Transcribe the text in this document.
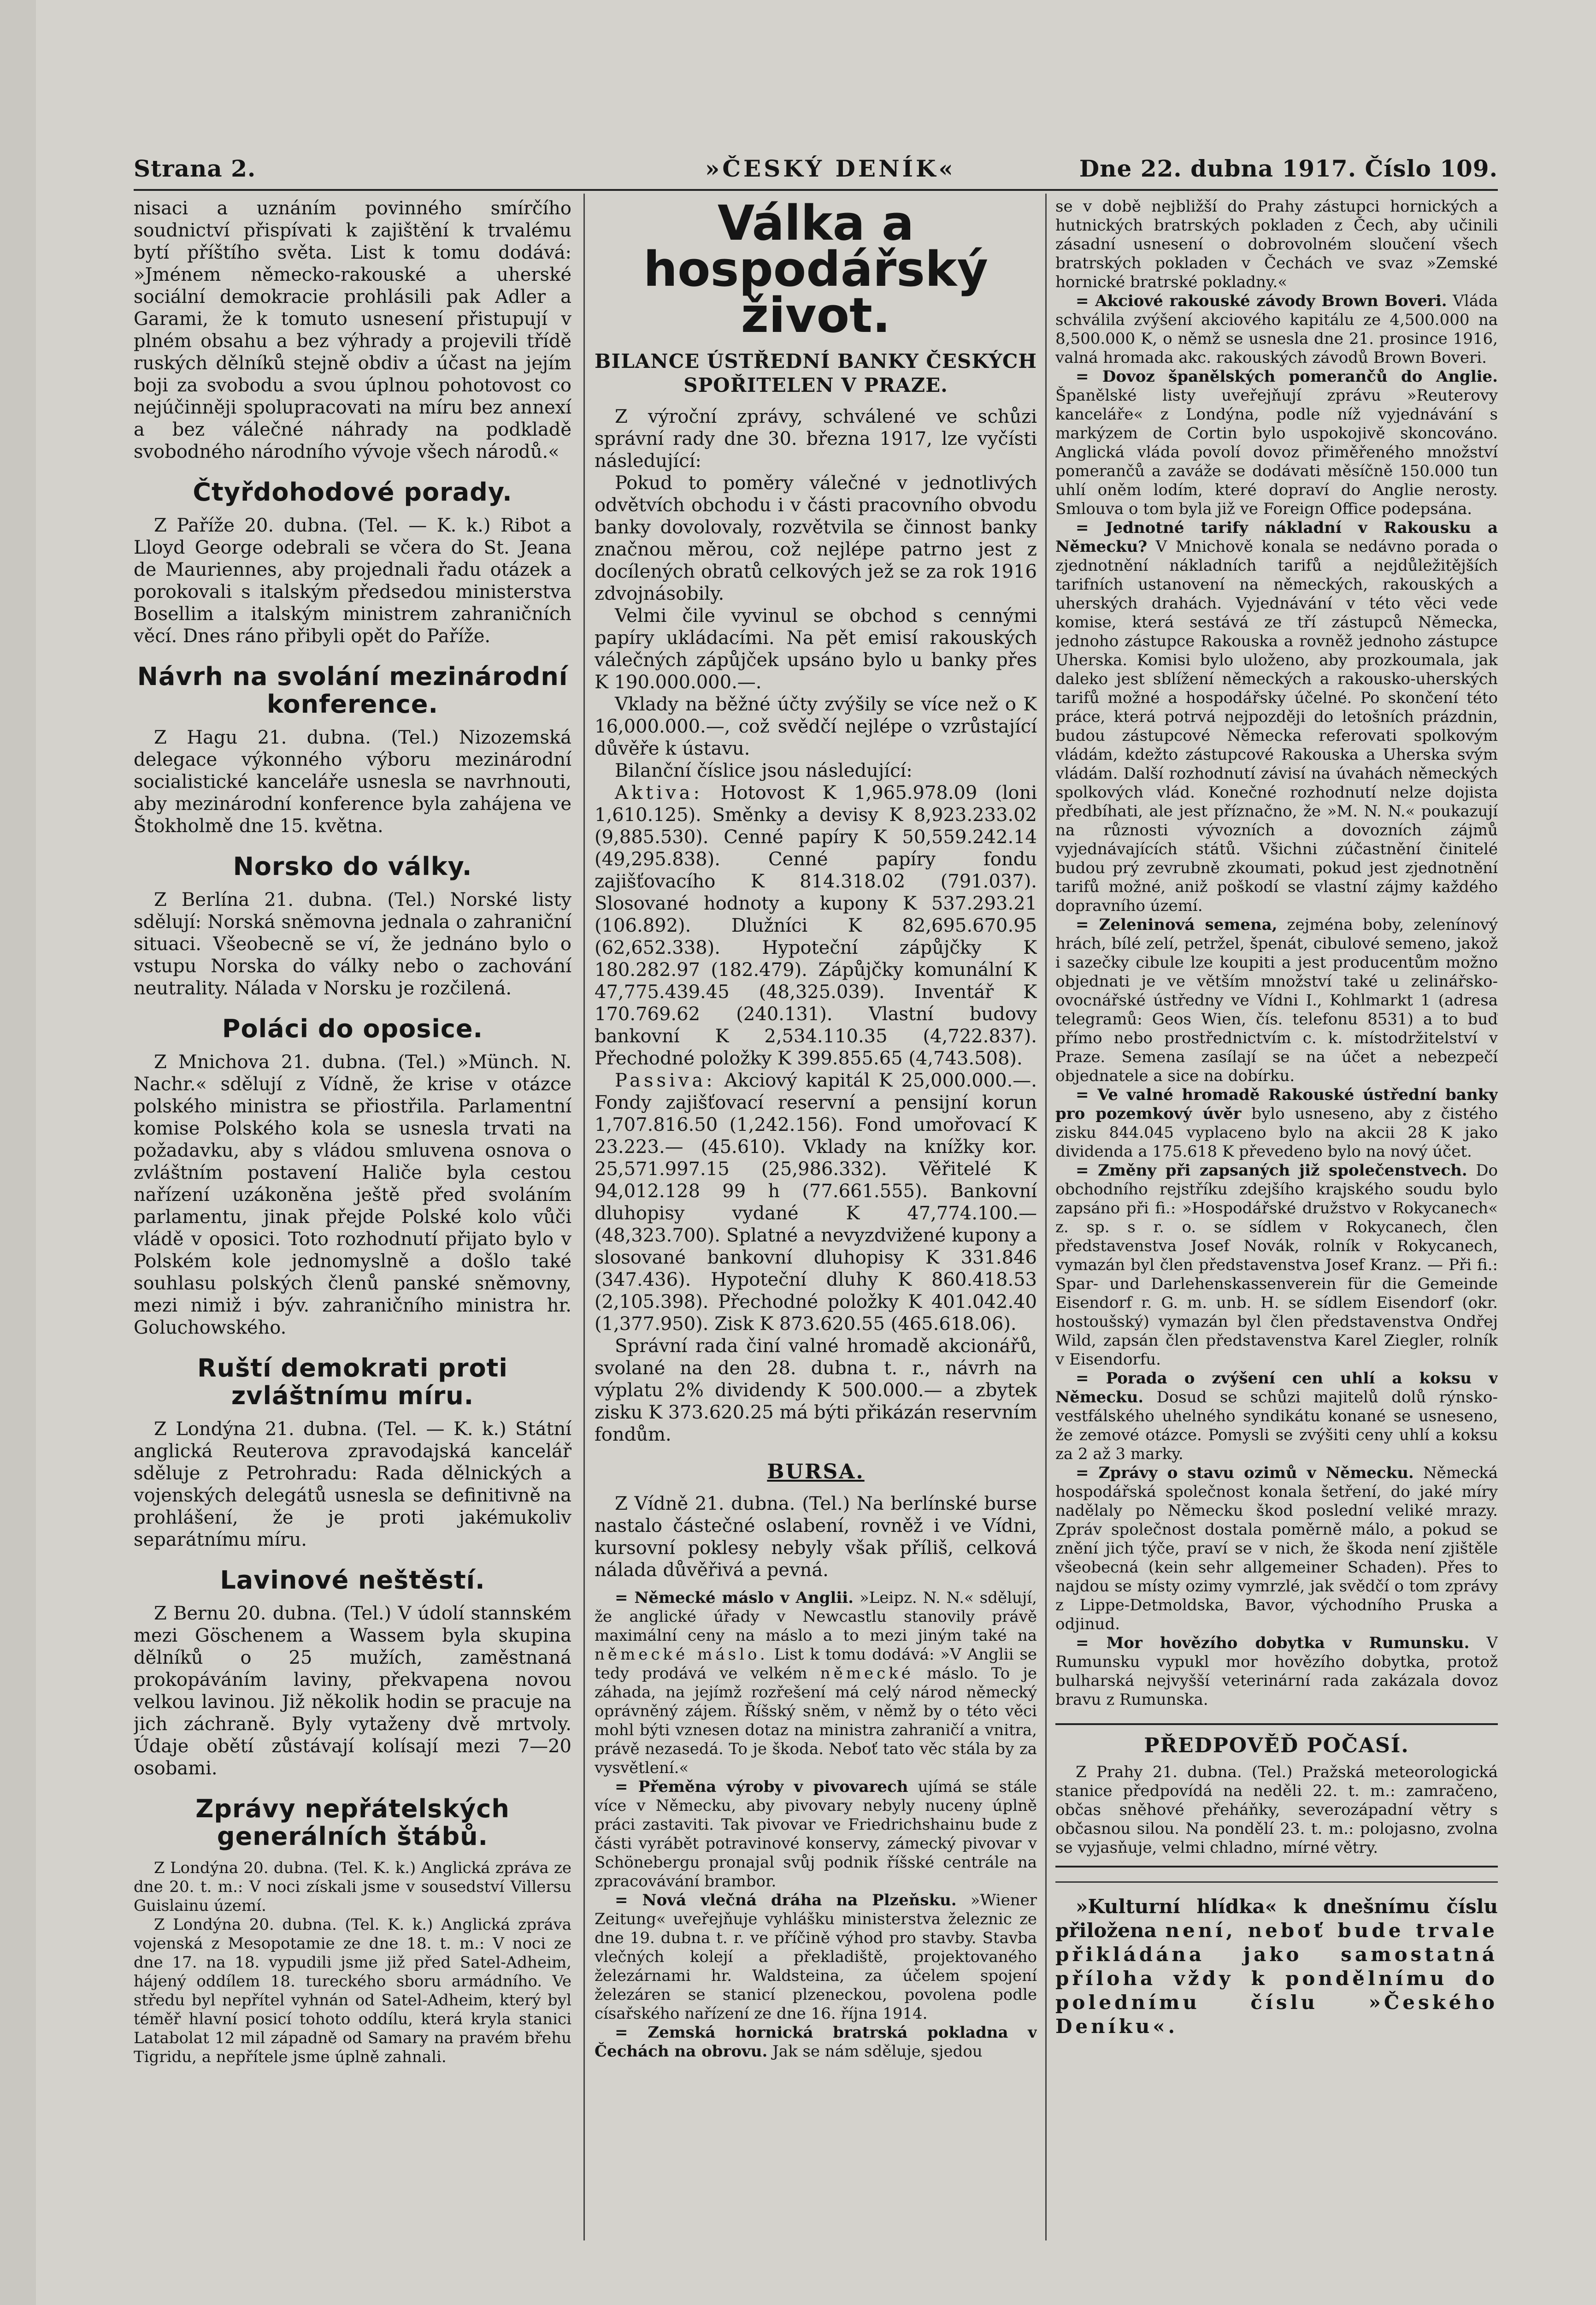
Strana 2.	»ČESKÝ DENÍK«	Dne 22. dubna 1917. Číslo 109.

nisaci a uznáním povinného smírčího soudnictví přispívati k zajištění k trvalému bytí příštího světa. List k tomu dodává: »Jménem německo-rakouské a uherské sociální demokracie prohlásili pak Adler a Garami, že k tomuto usnesení přistupují v plném obsahu a bez výhrady a projevili třídě ruských dělníků stejně obdiv a účast na jejím boji za svobodu a svou úplnou pohotovost co nejúčinněji spolupracovati na míru bez annexí a bez válečné náhrady na podkladě svobodného národního vývoje všech národů.«

Čtyřdohodové porady.

Z Paříže 20. dubna. (Tel. — K. k.) Ribot a Lloyd George odebrali se včera do St. Jeana de Mauriennes, aby projednali řadu otázek a porokovali s italským předsedou ministerstva Bosellim a italským ministrem zahraničních věcí. Dnes ráno přibyli opět do Paříže.

Návrh na svolání mezinárodní konference.

Z Hagu 21. dubna. (Tel.) Nizozemská delegace výkonného výboru mezinárodní socialistické kanceláře usnesla se navrhnouti, aby mezinárodní konference byla zahájena ve Štokholmě dne 15. května.

Norsko do války.

Z Berlína 21. dubna. (Tel.) Norské listy sdělují: Norská sněmovna jednala o zahraniční situaci. Všeobecně se ví, že jednáno bylo o vstupu Norska do války nebo o zachování neutrality. Nálada v Norsku je rozčilená.

Poláci do oposice.

Z Mnichova 21. dubna. (Tel.) »Münch. N. Nachr.« sdělují z Vídně, že krise v otázce polského ministra se přiostřila. Parlamentní komise Polského kola se usnesla trvati na požadavku, aby s vládou smluvena osnova o zvláštním postavení Haliče byla cestou nařízení uzákoněna ještě před svoláním parlamentu, jinak přejde Polské kolo vůči vládě v oposici. Toto rozhodnutí přijato bylo v Polském kole jednomyslně a došlo také souhlasu polských členů panské sněmovny, mezi nimiž i býv. zahraničního ministra hr. Goluchowského.

Ruští demokrati proti zvláštnímu míru.

Z Londýna 21. dubna. (Tel. — K. k.) Státní anglická Reuterova zpravodajská kancelář sděluje z Petrohradu: Rada dělnických a vojenských delegátů usnesla se definitivně na prohlášení, že je proti jakémukoliv separátnímu míru.

Lavinové neštěstí.

Z Bernu 20. dubna. (Tel.) V údolí stannském mezi Göschenem a Wassem byla skupina dělníků o 25 mužích, zaměstnaná prokopáváním laviny, překvapena novou velkou lavinou. Již několik hodin se pracuje na jich záchraně. Byly vytaženy dvě mrtvoly. Údaje obětí zůstávají kolísají mezi 7—20 osobami.

Zprávy nepřátelských generálních štábů.

Z Londýna 20. dubna. (Tel. K. k.) Anglická zpráva ze dne 20. t. m.: V noci získali jsme v sousedství Villersu Guislainu území.

Z Londýna 20. dubna. (Tel. K. k.) Anglická zpráva vojenská z Mesopotamie ze dne 18. t. m.: V noci ze dne 17. na 18. vypudili jsme již před Satel-Adheim, hájený oddílem 18. tureckého sboru armádního. Ve středu byl nepřítel vyhnán od Satel-Adheim, který byl téměř hlavní posicí tohoto oddílu, která kryla stanici Latabolat 12 mil západně od Samary na pravém břehu Tigridu, a nepřítele jsme úplně zahnali.

Válka a hospodářský život.
BILANCE ÚSTŘEDNÍ BANKY ČESKÝCH SPOŘITELEN V PRAZE.

Z výroční zprávy, schválené ve schůzi správní rady dne 30. března 1917, lze vyčísti následující:

Pokud to poměry válečné v jednotlivých odvětvích obchodu i v části pracovního obvodu banky dovolovaly, rozvětvila se činnost banky značnou měrou, což nejlépe patrno jest z docílených obratů celkových jež se za rok 1916 zdvojnásobily.

Velmi čile vyvinul se obchod s cennými papíry ukládacími. Na pět emisí rakouských válečných zápůjček upsáno bylo u banky přes K 190.000.000.—.

Vklady na běžné účty zvýšily se více než o K 16,000.000.—, což svědčí nejlépe o vzrůstající důvěře k ústavu.

Bilanční číslice jsou následující:

Aktiva: Hotovost K 1,965.978.09 (loni 1,610.125). Směnky a devisy K 8,923.233.02 (9,885.530). Cenné papíry K 50,559.242.14 (49,295.838). Cenné papíry fondu zajišťovacího K 814.318.02 (791.037). Slosované hodnoty a kupony K 537.293.21 (106.892). Dlužníci K 82,695.670.95 (62,652.338). Hypoteční zápůjčky K 180.282.97 (182.479). Zápůjčky komunální K 47,775.439.45 (48,325.039). Inventář K 170.769.62 (240.131). Vlastní budovy bankovní K 2,534.110.35 (4,722.837). Přechodné položky K 399.855.65 (4,743.508).

Passiva: Akciový kapitál K 25,000.000.—. Fondy zajišťovací reservní a pensijní korun 1,707.816.50 (1,242.156). Fond umořovací K 23.223.— (45.610). Vklady na knížky kor. 25,571.997.15 (25,986.332). Věřitelé K 94,012.128 99 h (77.661.555). Bankovní dluhopisy vydané K 47,774.100.— (48,323.700). Splatné a nevyzdvižené kupony a slosované bankovní dluhopisy K 331.846 (347.436). Hypoteční dluhy K 860.418.53 (2,105.398). Přechodné položky K 401.042.40 (1,377.950). Zisk K 873.620.55 (465.618.06).

Správní rada činí valné hromadě akcionářů, svolané na den 28. dubna t. r., návrh na výplatu 2% dividendy K 500.000.— a zbytek zisku K 373.620.25 má býti přikázán reservním fondům.

BURSA.

Z Vídně 21. dubna. (Tel.) Na berlínské burse nastalo částečné oslabení, rovněž i ve Vídni, kursovní poklesy nebyly však příliš, celková nálada důvěřivá a pevná.

= Německé máslo v Anglii. »Leipz. N. N.« sdělují, že anglické úřady v Newcastlu stanovily právě maximální ceny na máslo a to mezi jiným také na německé máslo. List k tomu dodává: »V Anglii se tedy prodává ve velkém německé máslo. To je záhada, na jejímž rozřešení má celý národ německý oprávněný zájem. Říšský sněm, v němž by o této věci mohl býti vznesen dotaz na ministra zahraničí a vnitra, právě nezasedá. To je škoda. Neboť tato věc stála by za vysvětlení.«

= Přeměna výroby v pivovarech ujímá se stále více v Německu, aby pivovary nebyly nuceny úplně práci zastaviti. Tak pivovar ve Friedrichshainu bude z části vyrábět potravinové konservy, zámecký pivovar v Schönebergu pronajal svůj podnik říšské centrále na zpracovávání brambor.

= Nová vlečná dráha na Plzeňsku. »Wiener Zeitung« uveřejňuje vyhlášku ministerstva železnic ze dne 19. dubna t. r. ve příčině výhod pro stavby. Stavba vlečných kolejí a překladiště, projektovaného železárnami hr. Waldsteina, za účelem spojení železáren se stanicí plzeneckou, povolena podle císařského nařízení ze dne 16. října 1914.

= Zemská hornická bratrská pokladna v Čechách na obrovu. Jak se nám sděluje, sjedou

se v době nejbližší do Prahy zástupci hornických a hutnických bratrských pokladen z Čech, aby učinili zásadní usnesení o dobrovolném sloučení všech bratrských pokladen v Čechách ve svaz »Zemské hornické bratrské pokladny.«

= Akciové rakouské závody Brown Boveri. Vláda schválila zvýšení akciového kapitálu ze 4,500.000 na 8,500.000 K, o němž se usnesla dne 21. prosince 1916, valná hromada akc. rakouských závodů Brown Boveri.

= Dovoz španělských pomerančů do Anglie. Španělské listy uveřejňují zprávu »Reuterovy kanceláře« z Londýna, podle níž vyjednávání s markýzem de Cortin bylo uspokojivě skoncováno. Anglická vláda povolí dovoz přiměřeného množství pomerančů a zaváže se dodávati měsíčně 150.000 tun uhlí oněm lodím, které dopraví do Anglie nerosty. Smlouva o tom byla již ve Foreign Office podepsána.

= Jednotné tarify nákladní v Rakousku a Německu? V Mnichově konala se nedávno porada o zjednotnění nákladních tarifů a nejdůležitějších tarifních ustanovení na německých, rakouských a uherských drahách. Vyjednávání v této věci vede komise, která sestává ze tří zástupců Německa, jednoho zástupce Rakouska a rovněž jednoho zástupce Uherska. Komisi bylo uloženo, aby prozkoumala, jak daleko jest sblížení německých a rakousko-uherských tarifů možné a hospodářsky účelné. Po skončení této práce, která potrvá nejpozději do letošních prázdnin, budou zástupcové Německa referovati spolkovým vládám, kdežto zástupcové Rakouska a Uherska svým vládám. Další rozhodnutí závisí na úvahách německých spolkových vlád. Konečné rozhodnutí nelze dojista předbíhati, ale jest příznačno, že »M. N. N.« poukazují na různosti vývozních a dovozních zájmů vyjednávajících států. Všichni zúčastnění činitelé budou prý zevrubně zkoumati, pokud jest zjednotnění tarifů možné, aniž poškodí se vlastní zájmy každého dopravního území.

= Zeleninová semena, zejména boby, zelenínový hrách, bílé zelí, petržel, špenát, cibulové semeno, jakož i sazečky cibule lze koupiti a jest producentům možno objednati je ve větším množství také u zelinářsko-ovocnářské ústředny ve Vídni I., Kohlmarkt 1 (adresa telegramů: Geos Wien, čís. telefonu 8531) a to buď přímo nebo prostřednictvím c. k. místodržitelství v Praze. Semena zasílají se na účet a nebezpečí objednatele a sice na dobírku.

= Ve valné hromadě Rakouské ústřední banky pro pozemkový úvěr bylo usneseno, aby z čistého zisku 844.045 vyplaceno bylo na akcii 28 K jako dividenda a 175.618 K převedeno bylo na nový účet.

= Změny při zapsaných již společenstvech. Do obchodního rejstříku zdejšího krajského soudu bylo zapsáno při fi.: »Hospodářské družstvo v Rokycanech« z. sp. s r. o. se sídlem v Rokycanech, člen představenstva Josef Novák, rolník v Rokycanech, vymazán byl člen představenstva Josef Kranz. — Při fi.: Spar- und Darlehenskassenverein für die Gemeinde Eisendorf r. G. m. unb. H. se sídlem Eisendorf (okr. hostoušský) vymazán byl člen představenstva Ondřej Wild, zapsán člen představenstva Karel Ziegler, rolník v Eisendorfu.

= Porada o zvýšení cen uhlí a koksu v Německu. Dosud se schůzi majitelů dolů rýnsko-vestfálského uhelného syndikátu konané se usneseno, že zemové otázce. Pomysli se zvýšiti ceny uhlí a koksu za 2 až 3 marky.

= Zprávy o stavu ozimů v Německu. Německá hospodářská společnost konala šetření, do jaké míry nadělaly po Německu škod poslední veliké mrazy. Zpráv společnost dostala poměrně málo, a pokud se znění jich týče, praví se v nich, že škoda není zjištěle všeobecná (kein sehr allgemeiner Schaden). Přes to najdou se místy ozimy vymrzlé, jak svědčí o tom zprávy z Lippe-Detmoldska, Bavor, východního Pruska a odjinud.

= Mor hovězího dobytka v Rumunsku. V Rumunsku vypukl mor hovězího dobytka, protož bulharská nejvyšší veterinární rada zakázala dovoz bravu z Rumunska.

PŘEDPOVĚĎ POČASÍ.

Z Prahy 21. dubna. (Tel.) Pražská meteorologická stanice předpovídá na neděli 22. t. m.: zamračeno, občas sněhové přeháňky, severozápadní větry s občasnou silou. Na pondělí 23. t. m.: polojasno, zvolna se vyjasňuje, velmi chladno, mírné větry.

»Kulturní hlídka« k dnešnímu číslu přiložena není, neboť bude trvale přikládána jako samostatná příloha vždy k pondělnímu do polednímu číslu »Českého Deníku«.
